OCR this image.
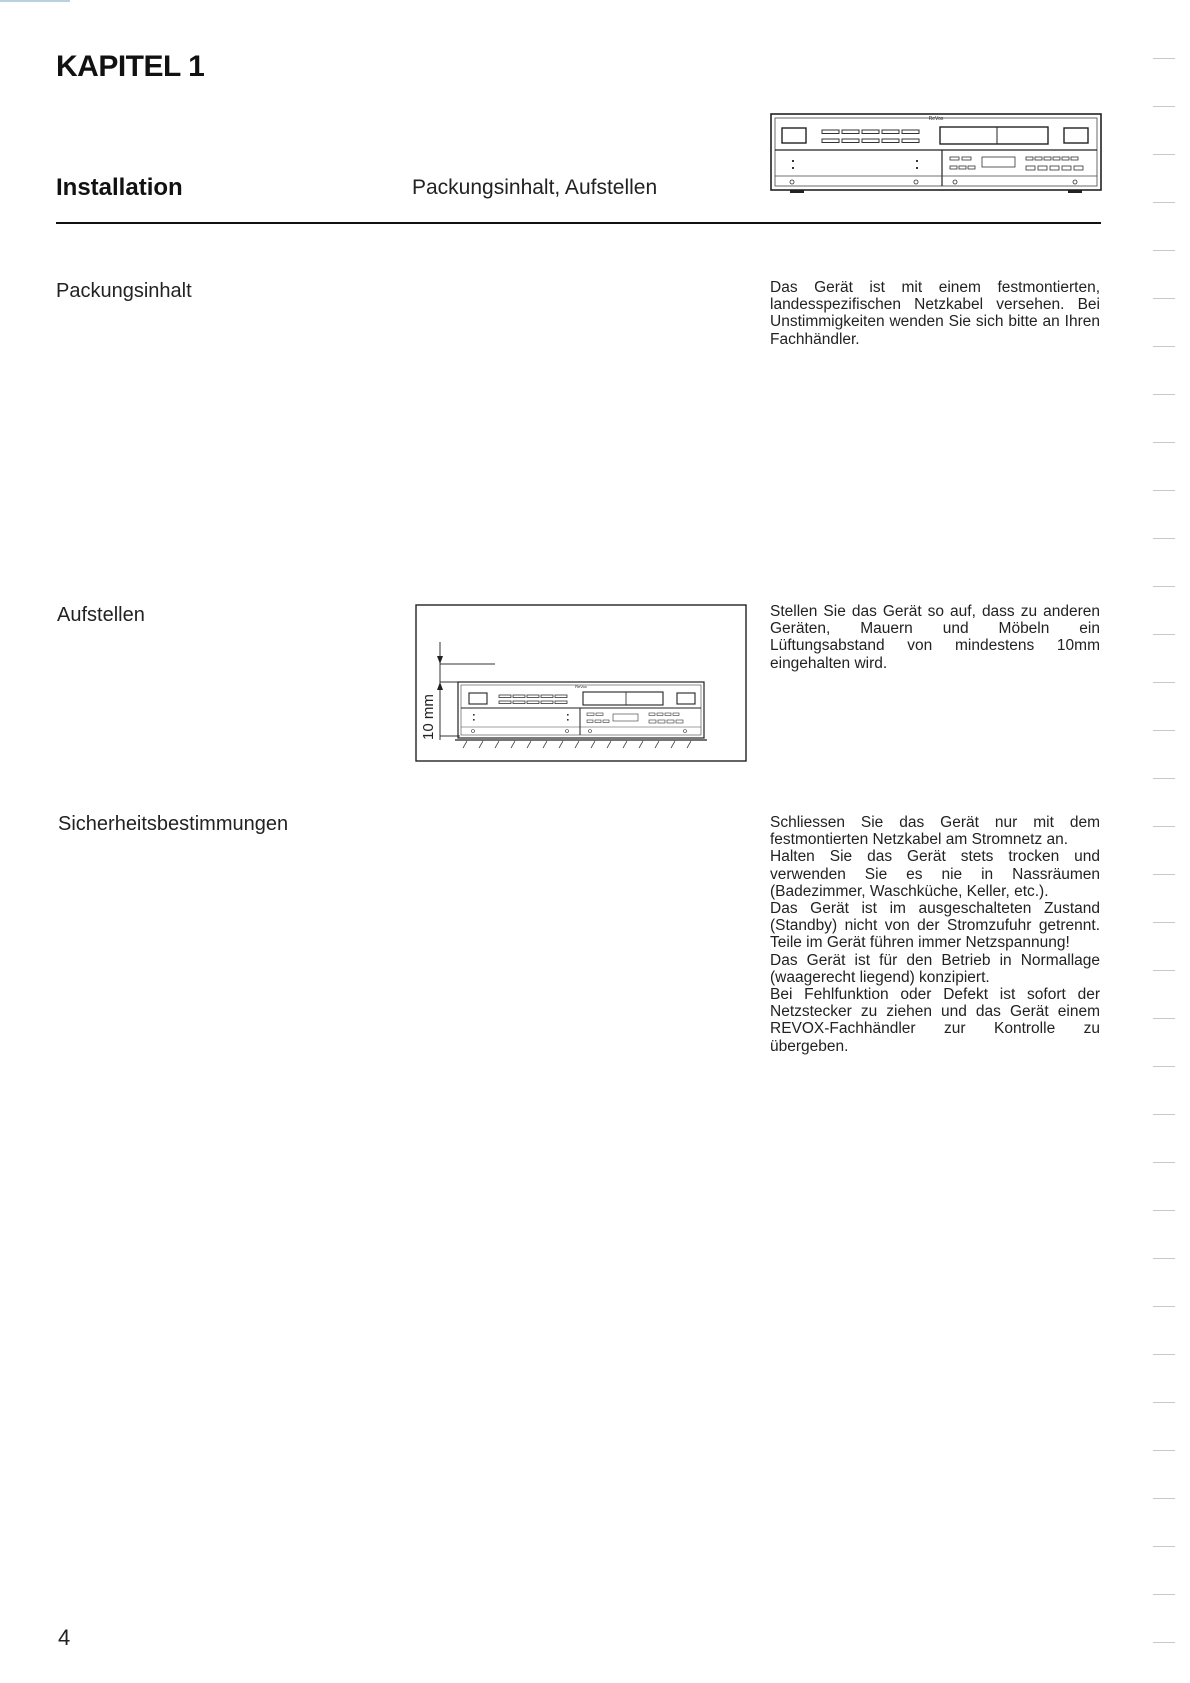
KAPITEL 1
ReVox
Installation	Packungsinhalt, Aufstellen
Packungsinhalt	Das Gerät ist mit einem festmontierten, landesspezifischen Netzkabel versehen. Bei Unstimmigkeiten wenden Sie sich bitte an Ihren Fachhändler.
Aufstellen
10 mm
ReVox
Stellen Sie das Gerät so auf, dass zu anderen Geräten, Mauern und Möbeln ein Lüftungsabstand von mindestens 10mm eingehalten wird.
Sicherheitsbestimmungen	Schliessen Sie das Gerät nur mit dem festmontierten Netzkabel am Stromnetz an.

Halten Sie das Gerät stets trocken und verwenden Sie es nie in Nassräumen (Badezimmer, Waschküche, Keller, etc.).

Das Gerät ist im ausgeschalteten Zustand (Standby) nicht von der Stromzufuhr getrennt. Teile im Gerät führen immer Netzspannung!

Das Gerät ist für den Betrieb in Normallage (waagerecht liegend) konzipiert.

Bei Fehlfunktion oder Defekt ist sofort der Netzstecker zu ziehen und das Gerät einem REVOX-Fachhändler zur Kontrolle zu übergeben.

4
